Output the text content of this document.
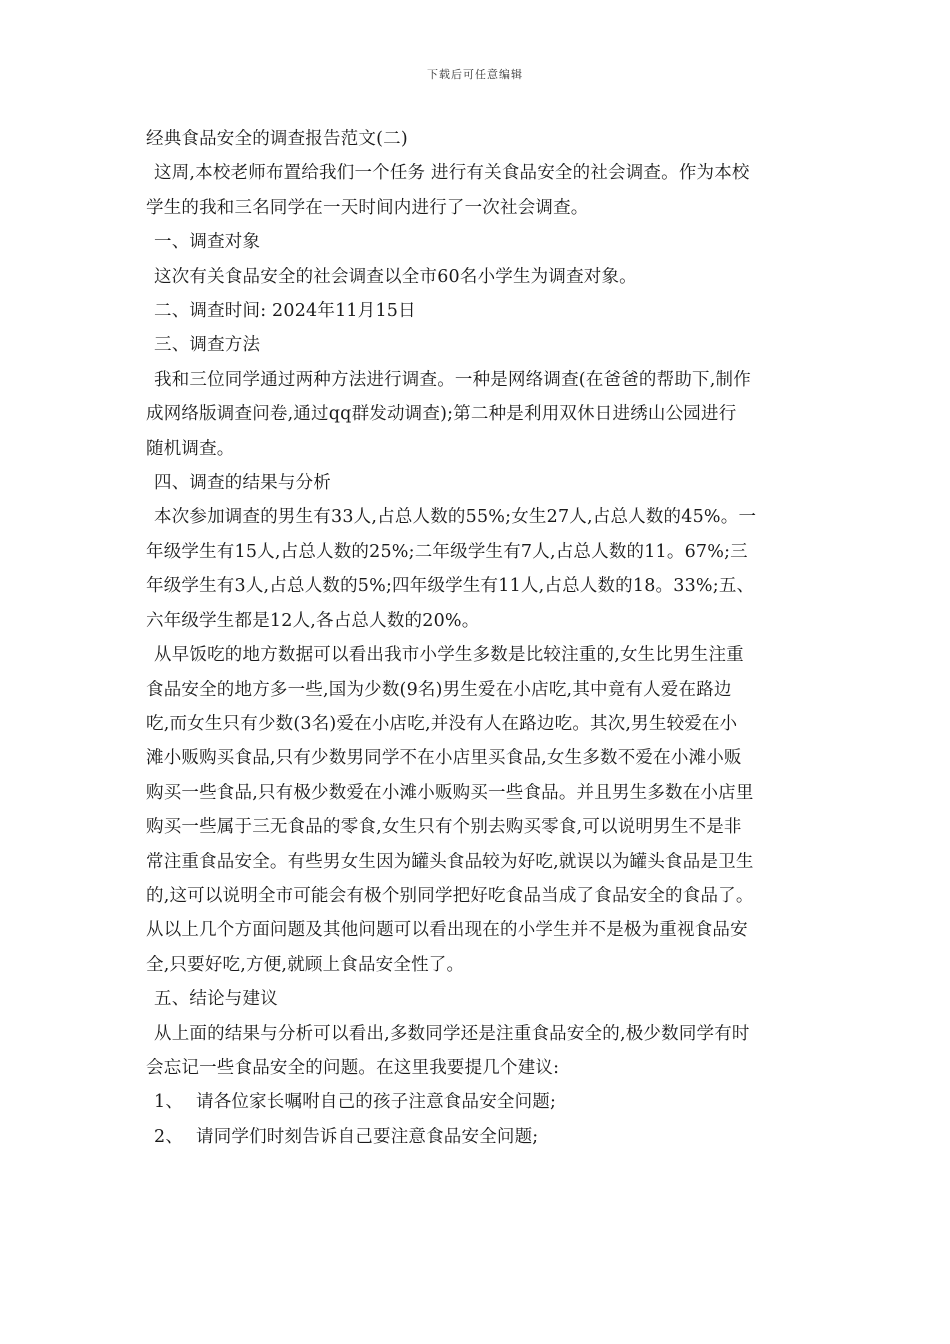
下载后可任意编辑
经典食品安全的调查报告范文(二)
这周,本校老师布置给我们一个任务 进行有关食品安全的社会调查。作为本校
学生的我和三名同学在一天时间内进行了一次社会调查。
一、调查对象
这次有关食品安全的社会调查以全市60名小学生为调查对象。
二、调查时间: 2024年11月15日
三、调查方法
我和三位同学通过两种方法进行调查。一种是网络调查(在爸爸的帮助下,制作
成网络版调查问卷,通过qq群发动调查);第二种是利用双休日进绣山公园进行
随机调查。
四、调查的结果与分析
本次参加调查的男生有33人,占总人数的55%;女生27人,占总人数的45%。一
年级学生有15人,占总人数的25%;二年级学生有7人,占总人数的11。67%;三
年级学生有3人,占总人数的5%;四年级学生有11人,占总人数的18。33%;五、
六年级学生都是12人,各占总人数的20%。
从早饭吃的地方数据可以看出我市小学生多数是比较注重的,女生比男生注重
食品安全的地方多一些,国为少数(9名)男生爱在小店吃,其中竟有人爱在路边
吃,而女生只有少数(3名)爱在小店吃,并没有人在路边吃。其次,男生较爱在小
滩小贩购买食品,只有少数男同学不在小店里买食品,女生多数不爱在小滩小贩
购买一些食品,只有极少数爱在小滩小贩购买一些食品。并且男生多数在小店里
购买一些属于三无食品的零食,女生只有个别去购买零食,可以说明男生不是非
常注重食品安全。有些男女生因为罐头食品较为好吃,就误以为罐头食品是卫生
的,这可以说明全市可能会有极个别同学把好吃食品当成了食品安全的食品了。
从以上几个方面问题及其他问题可以看出现在的小学生并不是极为重视食品安
全,只要好吃,方便,就顾上食品安全性了。
五、结论与建议
从上面的结果与分析可以看出,多数同学还是注重食品安全的,极少数同学有时
会忘记一些食品安全的问题。在这里我要提几个建议:
1、 请各位家长嘱咐自己的孩子注意食品安全问题;
2、 请同学们时刻告诉自己要注意食品安全问题;
